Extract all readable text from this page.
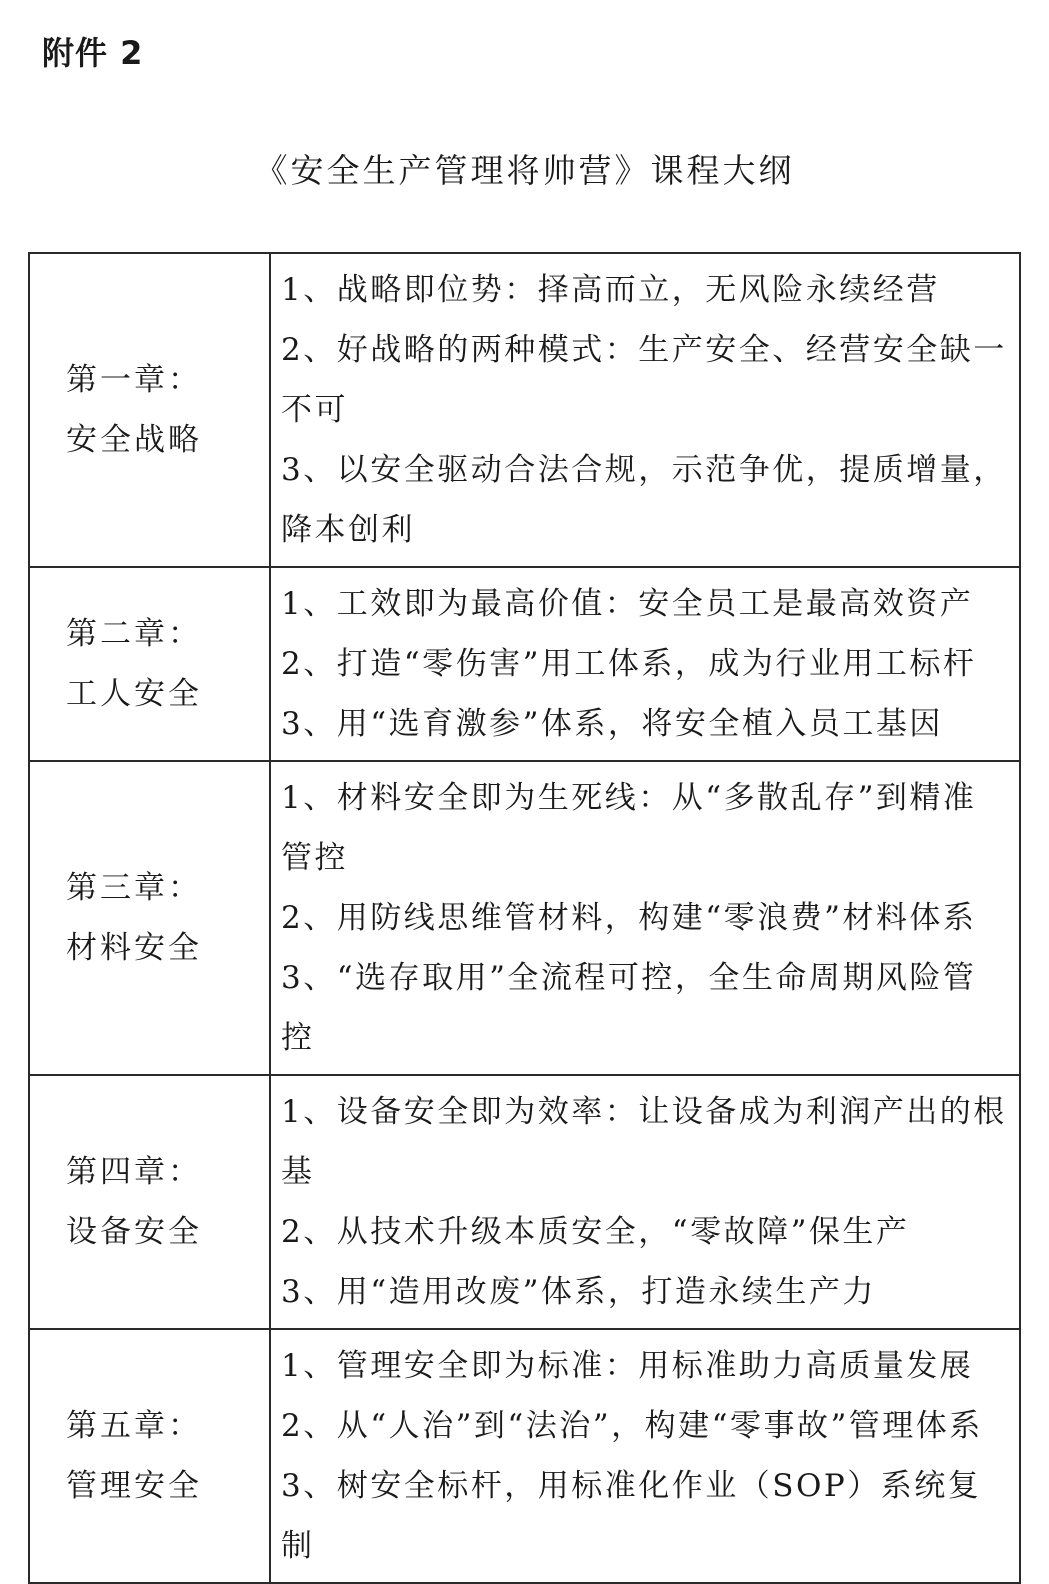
附件 2
《安全生产管理将帅营》课程大纲
第一章：
安全战略	1、战略即位势：择高而立，无风险永续经营
2、好战略的两种模式：生产安全、经营安全缺一不可
3、以安全驱动合法合规，示范争优，提质增量，降本创利

第二章：
工人安全	1、工效即为最高价值：安全员工是最高效资产
2、打造“零伤害”用工体系，成为行业用工标杆
3、用“选育激参”体系，将安全植入员工基因

第三章：
材料安全	1、材料安全即为生死线：从“多散乱存”到精准管控
2、用防线思维管材料，构建“零浪费”材料体系
3、“选存取用”全流程可控，全生命周期风险管控

第四章：
设备安全	1、设备安全即为效率：让设备成为利润产出的根基
2、从技术升级本质安全，“零故障”保生产
3、用“造用改废”体系，打造永续生产力

第五章：
管理安全	1、管理安全即为标准：用标准助力高质量发展
2、从“人治”到“法治”，构建“零事故”管理体系
3、树安全标杆，用标准化作业（SOP）系统复制
